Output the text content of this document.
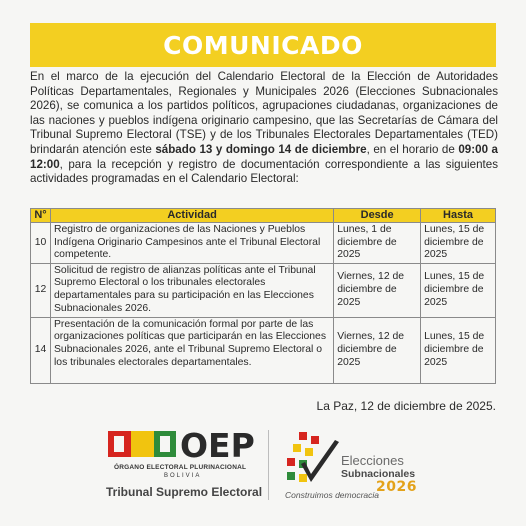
COMUNICADO

En el marco de la ejecución del Calendario Electoral de la Elección de Autoridades Políticas Departamentales, Regionales y Municipales 2026 (Elecciones Subnacionales 2026), se comunica a los partidos políticos, agrupaciones ciudadanas, organizaciones de las naciones y pueblos indígena originario campesino, que las Secretarías de Cámara del Tribunal Supremo Electoral (TSE) y de los Tribunales Electorales Departamentales (TED) brindarán atención este sábado 13 y domingo 14 de diciembre, en el horario de 09:00 a 12:00, para la recepción y registro de documentación correspondiente a las siguientes actividades programadas en el Calendario Electoral:

N°	Actividad	Desde	Hasta
10	Registro de organizaciones de las Naciones y Pueblos Indígena Originario Campesinos ante el Tribunal Electoral competente.	Lunes, 1 de diciembre de 2025	Lunes, 15 de diciembre de 2025
12	Solicitud de registro de alianzas políticas ante el Tribunal Supremo Electoral o los tribunales electorales departamentales para su participación en las Elecciones Subnacionales 2026.	Viernes, 12 de diciembre de 2025	Lunes, 15 de diciembre de 2025
14	Presentación de la comunicación formal por parte de las organizaciones políticas que participarán en las Elecciones Subnacionales 2026, ante el Tribunal Supremo Electoral o los tribunales electorales departamentales.	Viernes, 12 de diciembre de 2025	Lunes, 15 de diciembre de 2025
La Paz, 12 de diciembre de 2025.
OEP
ÓRGANO ELECTORAL PLURINACIONAL
BOLIVIA
Tribunal Supremo Electoral
Elecciones
Subnacionales
2026
Construimos democracia
